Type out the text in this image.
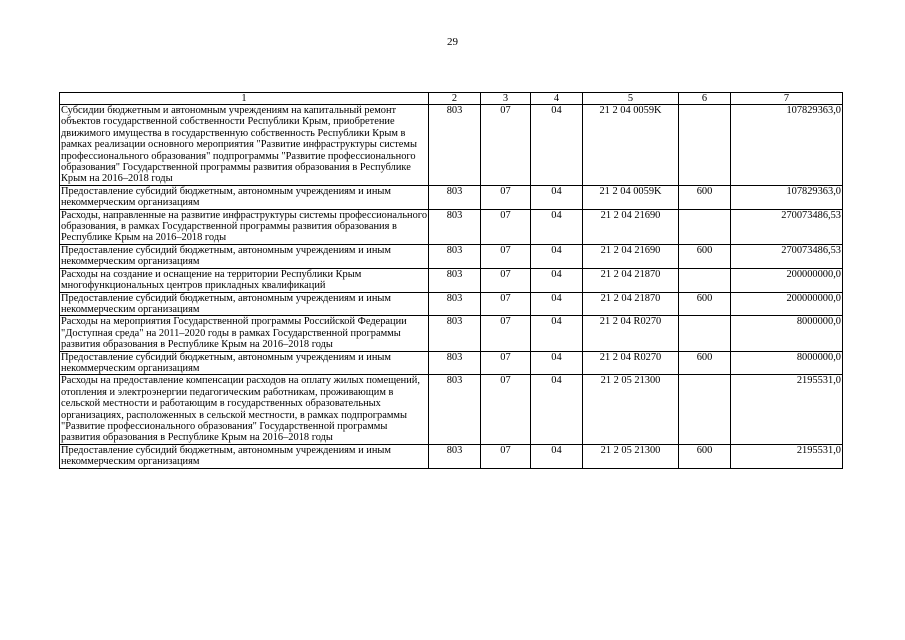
29
1	2	3	4	5	6	7
Субсидии бюджетным и автономным учреждениям на капитальный ремонт объектов государственной собственности Республики Крым, приобретение движимого имущества в государственную собственность Республики Крым в рамках реализации основного мероприятия "Развитие инфраструктуры системы профессионального образования" подпрограммы "Развитие профессионального образования" Государственной программы развития образования в Республике Крым на 2016–2018 годы	803	07	04	21 2 04 0059K		107829363,0
Предоставление субсидий бюджетным, автономным учреждениям и иным некоммерческим организациям	803	07	04	21 2 04 0059K	600	107829363,0
Расходы, направленные на развитие инфраструктуры системы профессионального образования, в рамках Государственной программы развития образования в Республике Крым на 2016–2018 годы	803	07	04	21 2 04 21690		270073486,53
Предоставление субсидий бюджетным, автономным учреждениям и иным некоммерческим организациям	803	07	04	21 2 04 21690	600	270073486,53
Расходы на создание и оснащение на территории Республики Крым многофункциональных центров прикладных квалификаций	803	07	04	21 2 04 21870		200000000,0
Предоставление субсидий бюджетным, автономным учреждениям и иным некоммерческим организациям	803	07	04	21 2 04 21870	600	200000000,0
Расходы на мероприятия Государственной программы Российской Федерации "Доступная среда" на 2011–2020 годы в рамках Государственной программы развития образования в Республике Крым на 2016–2018 годы	803	07	04	21 2 04 R0270		8000000,0
Предоставление субсидий бюджетным, автономным учреждениям и иным некоммерческим организациям	803	07	04	21 2 04 R0270	600	8000000,0
Расходы на предоставление компенсации расходов на оплату жилых помещений, отопления и электроэнергии педагогическим работникам, проживающим в сельской местности и работающим в государственных образовательных организациях, расположенных в сельской местности, в рамках подпрограммы "Развитие профессионального образования" Государственной программы развития образования в Республике Крым на 2016–2018 годы	803	07	04	21 2 05 21300		2195531,0
Предоставление субсидий бюджетным, автономным учреждениям и иным некоммерческим организациям	803	07	04	21 2 05 21300	600	2195531,0
